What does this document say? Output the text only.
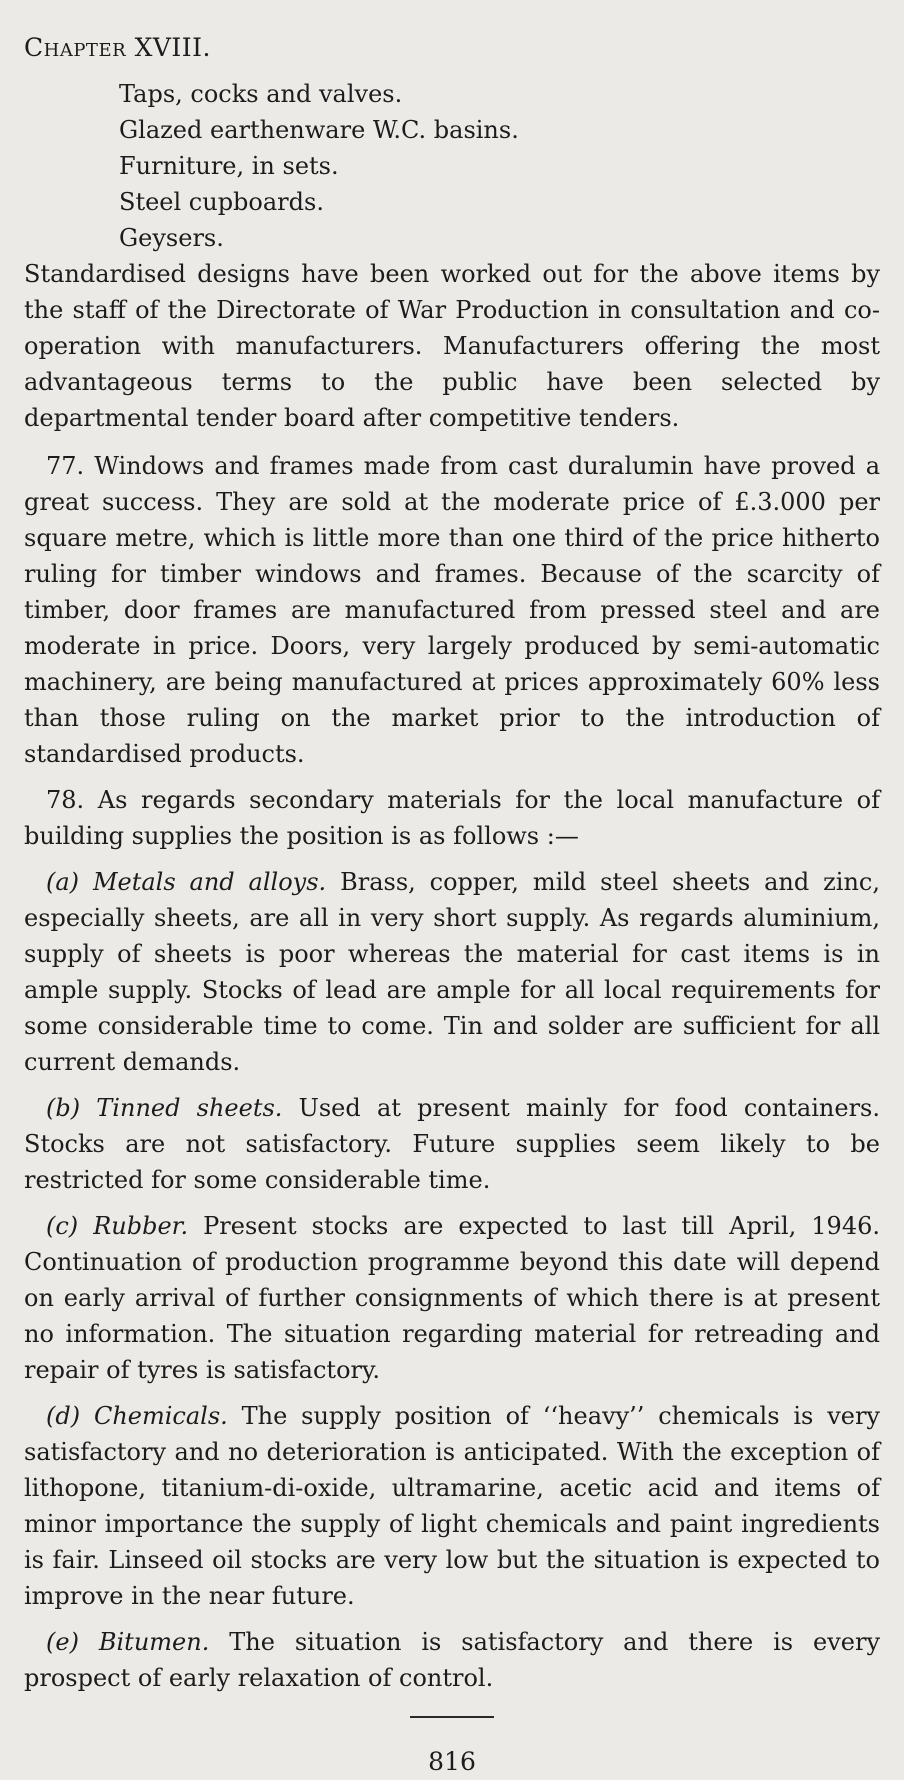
Chapter XVIII.
Taps, cocks and valves.
Glazed earthenware W.C. basins.
Furniture, in sets.
Steel cupboards.
Geysers.

Standardised designs have been worked out for the above items by the staff of the Directorate of War Production in consultation and co-operation with manufacturers. Manufacturers offering the most advantageous terms to the public have been selected by departmental tender board after competitive tenders.

77. Windows and frames made from cast duralumin have proved a great success. They are sold at the moderate price of £.3.000 per square metre, which is little more than one third of the price hitherto ruling for timber windows and frames. Because of the scarcity of timber, door frames are manufactured from pressed steel and are moderate in price. Doors, very largely produced by semi-automatic machinery, are being manufactured at prices approximately 60% less than those ruling on the market prior to the introduction of standardised products.

78. As regards secondary materials for the local manufacture of building supplies the position is as follows :—

(a) Metals and alloys. Brass, copper, mild steel sheets and zinc, especially sheets, are all in very short supply. As regards aluminium, supply of sheets is poor whereas the material for cast items is in ample supply. Stocks of lead are ample for all local requirements for some considerable time to come. Tin and solder are sufficient for all current demands.

(b) Tinned sheets. Used at present mainly for food containers. Stocks are not satisfactory. Future supplies seem likely to be restricted for some considerable time.

(c) Rubber. Present stocks are expected to last till April, 1946. Continuation of production programme beyond this date will depend on early arrival of further consignments of which there is at present no information. The situation regarding material for retreading and repair of tyres is satisfactory.

(d) Chemicals. The supply position of ‘‘heavy’’ chemicals is very satisfactory and no deterioration is anticipated. With the exception of lithopone, titanium-di-oxide, ultramarine, acetic acid and items of minor importance the supply of light chemicals and paint ingredients is fair. Linseed oil stocks are very low but the situation is expected to improve in the near future.

(e) Bitumen. The situation is satisfactory and there is every prospect of early relaxation of control.

816
